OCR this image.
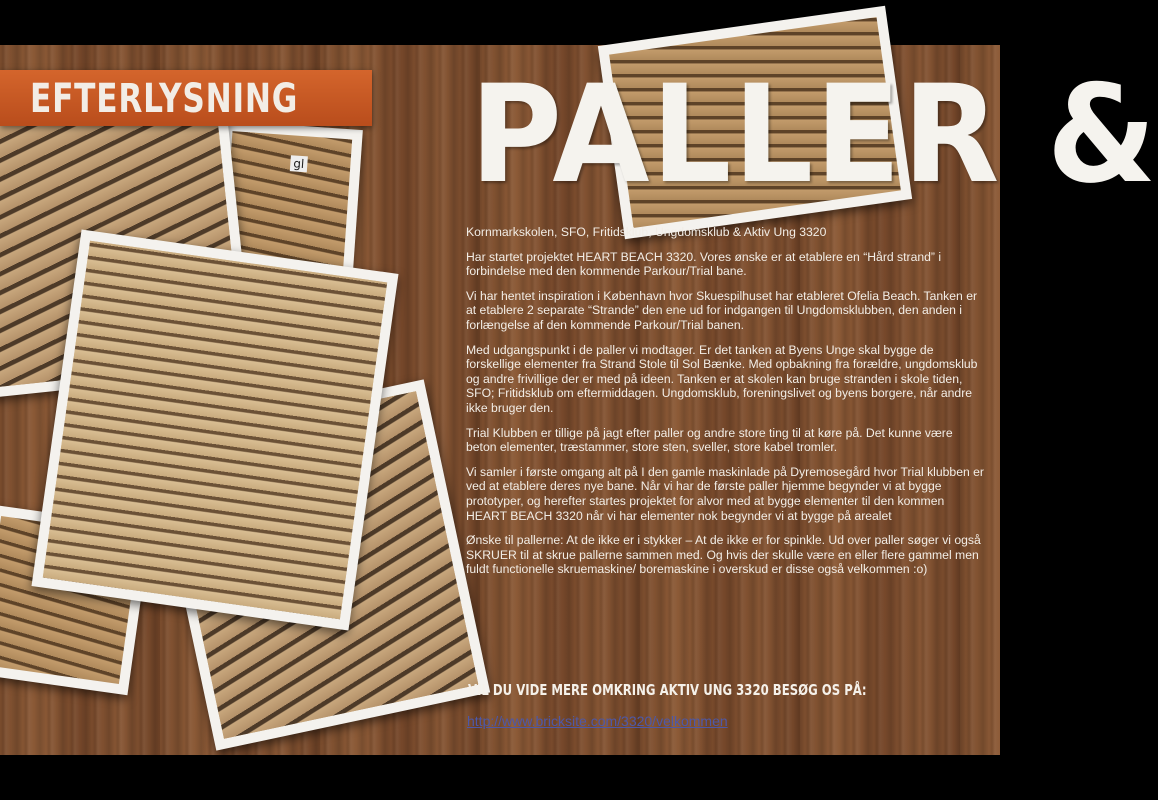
gl
EFTERLYSNING PALLER &

Kornmarkskolen, SFO, Fritidsklub, Ungdomsklub & Aktiv Ung 3320

Har startet projektet HEART BEACH 3320. Vores ønske er at etablere en “Hård strand” i forbindelse med den kommende Parkour/Trial bane.

Vi har hentet inspiration i København hvor Skuespilhuset har etableret Ofelia Beach. Tanken er at etablere 2 separate “Strande” den ene ud for indgangen til Ungdomsklubben, den anden i forlængelse af den kommende Parkour/Trial banen.

Med udgangspunkt i de paller vi modtager. Er det tanken at Byens Unge skal bygge de forskellige elementer fra Strand Stole til Sol Bænke. Med opbakning fra forældre, ungdomsklub og andre frivillige der er med på ideen. Tanken er at skolen kan bruge stranden i skole tiden, SFO; Fritidsklub om eftermiddagen. Ungdomsklub, foreningslivet og byens borgere, når andre ikke bruger den.

Trial Klubben er tillige på jagt efter paller og andre store ting til at køre på. Det kunne være beton elementer, træstammer, store sten, sveller, store kabel tromler.

Vi samler i første omgang alt på I den gamle maskinlade på Dyremosegård hvor Trial klubben er ved at etablere deres nye bane. Når vi har de første paller hjemme begynder vi at bygge prototyper, og herefter startes projektet for alvor med at bygge elementer til den kommen HEART BEACH 3320 når vi har elementer nok begynder vi at bygge på arealet

Ønske til pallerne: At de ikke er i stykker – At de ikke er for spinkle. Ud over paller søger vi også SKRUER til at skrue pallerne sammen med. Og hvis der skulle være en eller flere gammel men fuldt functionelle skruemaskine/ boremaskine i overskud er disse også velkommen :o)

VIL DU VIDE MERE OMKRING AKTIV UNG 3320 BESØG OS PÅ:
http://www.bricksite.com/3320/velkommen
